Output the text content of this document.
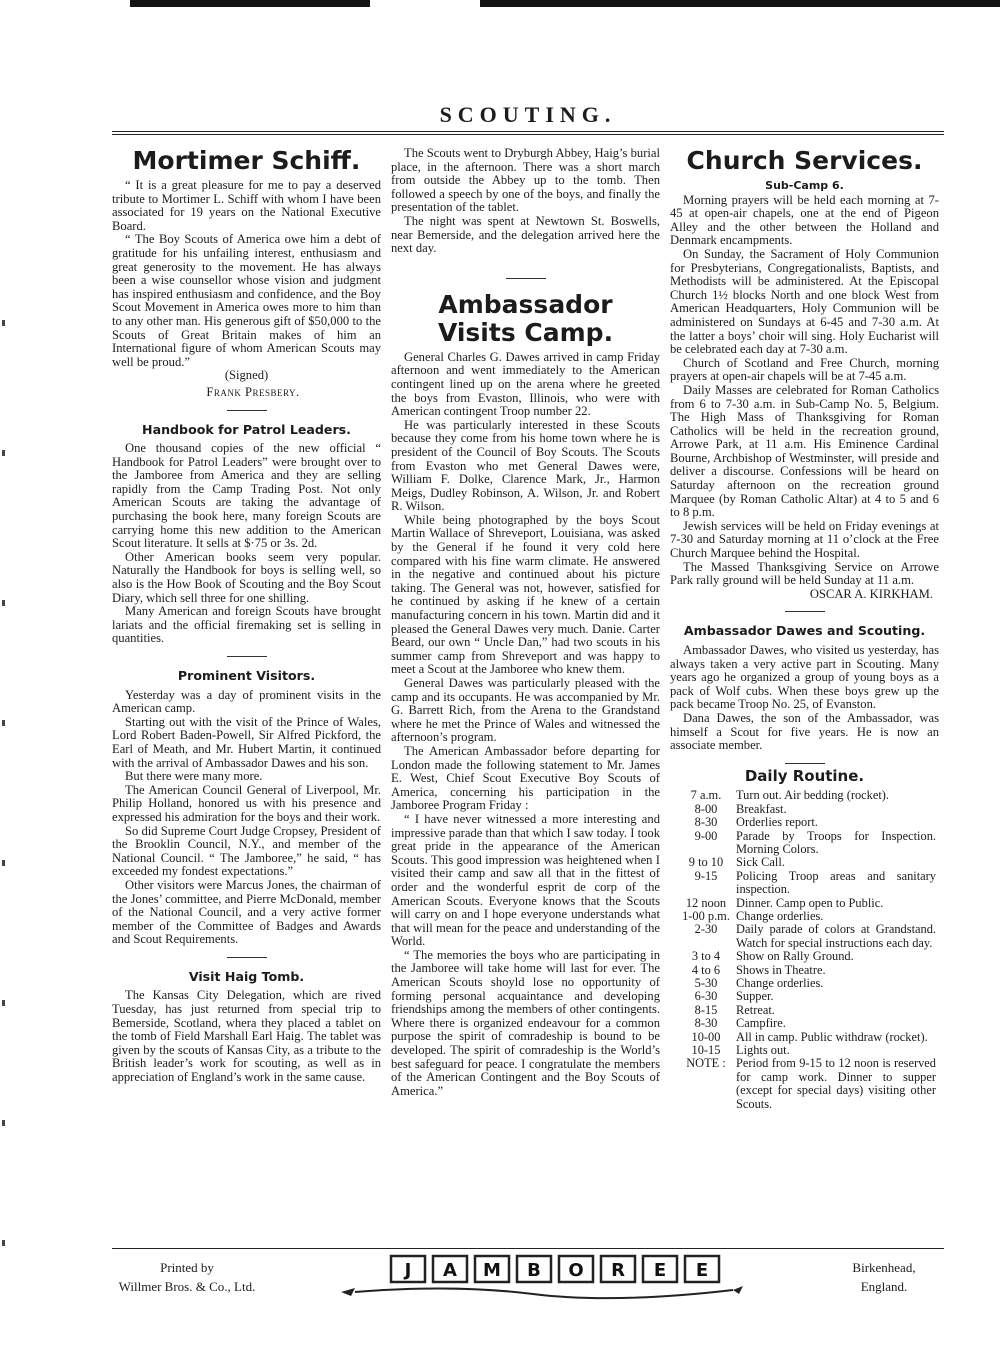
SCOUTING.
Mortimer Schiff.

“ It is a great pleasure for me to pay a deserved tribute to Mortimer L. Schiff with whom I have been associated for 19 years on the National Executive Board.

“ The Boy Scouts of America owe him a debt of gratitude for his unfailing interest, enthusiasm and great generosity to the movement. He has always been a wise counsellor whose vision and judgment has inspired enthusiasm and confidence, and the Boy Scout Movement in America owes more to him than to any other man. His generous gift of $50,000 to the Scouts of Great Britain makes of him an International figure of whom American Scouts may well be proud.”

(Signed)

Frank Presbery.

Handbook for Patrol Leaders.

One thousand copies of the new official “ Handbook for Patrol Leaders” were brought over to the Jamboree from America and they are selling rapidly from the Camp Trading Post. Not only American Scouts are taking the advantage of purchasing the book here, many foreign Scouts are carrying home this new addition to the American Scout literature. It sells at $·75 or 3s. 2d.

Other American books seem very popular. Naturally the Handbook for boys is selling well, so also is the How Book of Scouting and the Boy Scout Diary, which sell three for one shilling.

Many American and foreign Scouts have brought lariats and the official firemaking set is selling in quantities.

Prominent Visitors.

Yesterday was a day of prominent visits in the American camp.

Starting out with the visit of the Prince of Wales, Lord Robert Baden-Powell, Sir Alfred Pickford, the Earl of Meath, and Mr. Hubert Martin, it continued with the arrival of Ambassador Dawes and his son.

But there were many more.

The American Council General of Liverpool, Mr. Philip Holland, honored us with his presence and expressed his admiration for the boys and their work.

So did Supreme Court Judge Cropsey, President of the Brooklin Council, N.Y., and member of the National Council. “ The Jamboree,” he said, “ has exceeded my fondest expectations.”

Other visitors were Marcus Jones, the chairman of the Jones’ committee, and Pierre McDonald, member of the National Council, and a very active former member of the Committee of Badges and Awards and Scout Requirements.

Visit Haig Tomb.

The Kansas City Delegation, which are rived Tuesday, has just returned from special trip to Bemerside, Scotland, whera they placed a tablet on the tomb of Field Marshall Earl Haig. The tablet was given by the scouts of Kansas City, as a tribute to the British leader’s work for scouting, as well as in appreciation of England’s work in the same cause.

The Scouts went to Dryburgh Abbey, Haig’s burial place, in the afternoon. There was a short march from outside the Abbey up to the tomb. Then followed a speech by one of the boys, and finally the presentation of the tablet.

The night was spent at Newtown St. Boswells, near Bemerside, and the delegation arrived here the next day.

Ambassador Visits Camp.

General Charles G. Dawes arrived in camp Friday afternoon and went immediately to the American contingent lined up on the arena where he greeted the boys from Evaston, Illinois, who were with American contingent Troop number 22.

He was particularly interested in these Scouts because they come from his home town where he is president of the Council of Boy Scouts. The Scouts from Evaston who met General Dawes were, William F. Dolke, Clarence Mark, Jr., Harmon Meigs, Dudley Robinson, A. Wilson, Jr. and Robert R. Wilson.

While being photographed by the boys Scout Martin Wallace of Shreveport, Louisiana, was asked by the General if he found it very cold here compared with his fine warm climate. He answered in the negative and continued about his picture taking. The General was not, however, satisfied for he continued by asking if he knew of a certain manufacturing concern in his town. Martin did and it pleased the General Dawes very much. Danie. Carter Beard, our own “ Uncle Dan,” had two scouts in his summer camp from Shreveport and was happy to meet a Scout at the Jamboree who knew them.

General Dawes was particularly pleased with the camp and its occupants. He was accompanied by Mr. G. Barrett Rich, from the Arena to the Grandstand where he met the Prince of Wales and witnessed the afternoon’s program.

The American Ambassador before departing for London made the following statement to Mr. James E. West, Chief Scout Executive Boy Scouts of America, concerning his participation in the Jamboree Program Friday :

“ I have never witnessed a more interesting and impressive parade than that which I saw today. I took great pride in the appearance of the American Scouts. This good impression was heightened when I visited their camp and saw all that in the fittest of order and the wonderful esprit de corp of the American Scouts. Everyone knows that the Scouts will carry on and I hope everyone understands what that will mean for the peace and understanding of the World.

“ The memories the boys who are participating in the Jamboree will take home will last for ever. The American Scouts shoyld lose no opportunity of forming personal acquaintance and developing friendships among the members of other contingents. Where there is organized endeavour for a common purpose the spirit of comradeship is bound to be developed. The spirit of comradeship is the World’s best safeguard for peace. I congratulate the members of the American Contingent and the Boy Scouts of America.”

Church Services.
Sub-Camp 6.

Morning prayers will be held each morning at 7-45 at open-air chapels, one at the end of Pigeon Alley and the other between the Holland and Denmark encampments.

On Sunday, the Sacrament of Holy Communion for Presbyterians, Congregationalists, Baptists, and Methodists will be administered. At the Episcopal Church 1½ blocks North and one block West from American Headquarters, Holy Communion will be administered on Sundays at 6-45 and 7-30 a.m. At the latter a boys’ choir will sing. Holy Eucharist will be celebrated each day at 7-30 a.m.

Church of Scotland and Free Church, morning prayers at open-air chapels will be at 7-45 a.m.

Daily Masses are celebrated for Roman Catholics from 6 to 7-30 a.m. in Sub-Camp No. 5, Belgium. The High Mass of Thanksgiving for Roman Catholics will be held in the recreation ground, Arrowe Park, at 11 a.m. His Eminence Cardinal Bourne, Archbishop of Westminster, will preside and deliver a discourse. Confessions will be heard on Saturday afternoon on the recreation ground Marquee (by Roman Catholic Altar) at 4 to 5 and 6 to 8 p.m.

Jewish services will be held on Friday evenings at 7-30 and Saturday morning at 11 o’clock at the Free Church Marquee behind the Hospital.

The Massed Thanksgiving Service on Arrowe Park rally ground will be held Sunday at 11 a.m.

OSCAR A. KIRKHAM.

Ambassador Dawes and Scouting.

Ambassador Dawes, who visited us yesterday, has always taken a very active part in Scouting. Many years ago he organized a group of young boys as a pack of Wolf cubs. When these boys grew up the pack became Troop No. 25, of Evanston.

Dana Dawes, the son of the Ambassador, was himself a Scout for five years. He is now an associate member.

Daily Routine.
7 a.m.	Turn out. Air bedding (rocket).
8-00	Breakfast.
8-30	Orderlies report.
9-00	Parade by Troops for Inspection. Morning Colors.
9 to 10	Sick Call.
9-15	Policing Troop areas and sanitary inspection.
12 noon	Dinner. Camp open to Public.
1-00 p.m.	Change orderlies.
2-30	Daily parade of colors at Grandstand. Watch for special instructions each day.
3 to 4	Show on Rally Ground.
4 to 6	Shows in Theatre.
5-30	Change orderlies.
6-30	Supper.
8-15	Retreat.
8-30	Campfire.
10-00	All in camp. Public withdraw (rocket).
10-15	Lights out.
NOTE :	Period from 9-15 to 12 noon is reserved for camp work. Dinner to supper (except for special days) visiting other Scouts.
Printed by
Willmer Bros. & Co., Ltd.
J A M B O R E E	Birkenhead,
England.
